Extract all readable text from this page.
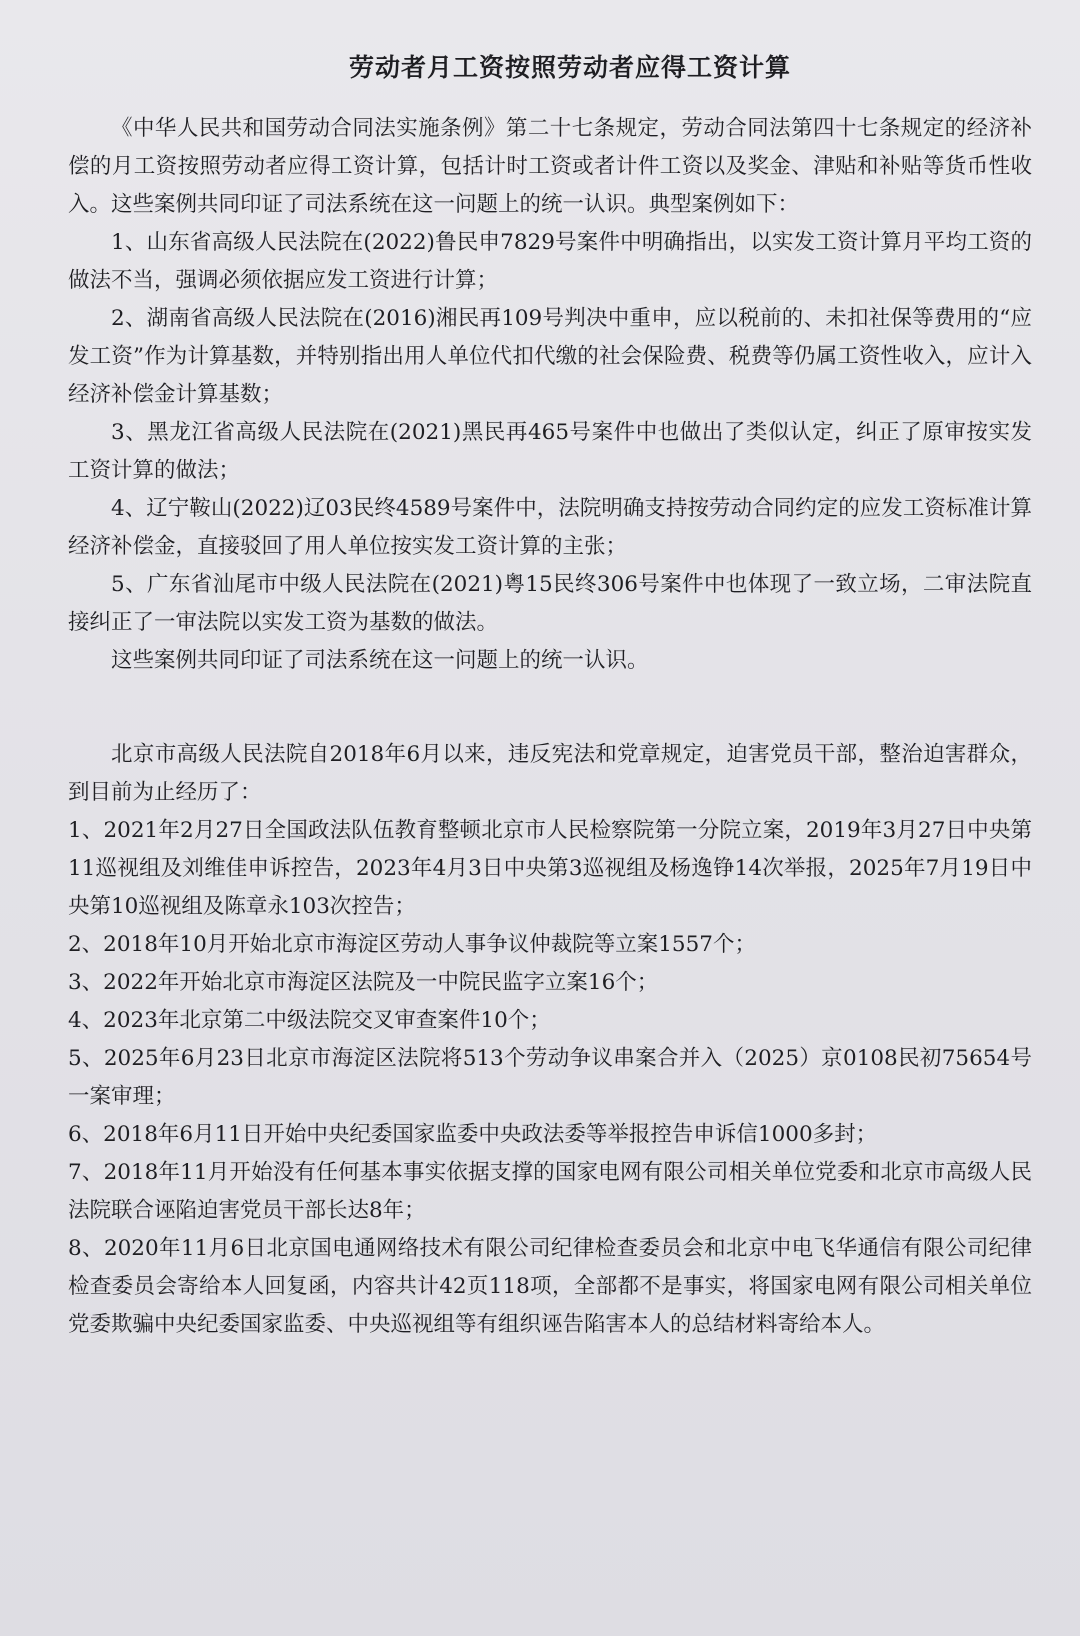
劳动者月工资按照劳动者应得工资计算

《中华人民共和国劳动合同法实施条例》第二十七条规定，劳动合同法第四十七条规定的经济补偿的月工资按照劳动者应得工资计算，包括计时工资或者计件工资以及奖金、津贴和补贴等货币性收入。这些案例共同印证了司法系统在这一问题上的统一认识。典型案例如下：

1、山东省高级人民法院在(2022)鲁民申7829号案件中明确指出，以实发工资计算月平均工资的做法不当，强调必须依据应发工资进行计算；

2、湖南省高级人民法院在(2016)湘民再109号判决中重申，应以税前的、未扣社保等费用的“应发工资”作为计算基数，并特别指出用人单位代扣代缴的社会保险费、税费等仍属工资性收入，应计入经济补偿金计算基数；

3、黑龙江省高级人民法院在(2021)黑民再465号案件中也做出了类似认定，纠正了原审按实发工资计算的做法；

4、辽宁鞍山(2022)辽03民终4589号案件中，法院明确支持按劳动合同约定的应发工资标准计算经济补偿金，直接驳回了用人单位按实发工资计算的主张；

5、广东省汕尾市中级人民法院在(2021)粤15民终306号案件中也体现了一致立场，二审法院直接纠正了一审法院以实发工资为基数的做法。

这些案例共同印证了司法系统在这一问题上的统一认识。

北京市高级人民法院自2018年6月以来，违反宪法和党章规定，迫害党员干部，整治迫害群众，到目前为止经历了：

1、2021年2月27日全国政法队伍教育整顿北京市人民检察院第一分院立案，2019年3月27日中央第11巡视组及刘维佳申诉控告，2023年4月3日中央第3巡视组及杨逸铮14次举报，2025年7月19日中央第10巡视组及陈章永103次控告；

2、2018年10月开始北京市海淀区劳动人事争议仲裁院等立案1557个；

3、2022年开始北京市海淀区法院及一中院民监字立案16个；

4、2023年北京第二中级法院交叉审查案件10个；

5、2025年6月23日北京市海淀区法院将513个劳动争议串案合并入（2025）京0108民初75654号一案审理；

6、2018年6月11日开始中央纪委国家监委中央政法委等举报控告申诉信1000多封；

7、2018年11月开始没有任何基本事实依据支撑的国家电网有限公司相关单位党委和北京市高级人民法院联合诬陷迫害党员干部长达8年；

8、2020年11月6日北京国电通网络技术有限公司纪律检查委员会和北京中电飞华通信有限公司纪律检查委员会寄给本人回复函，内容共计42页118项，全部都不是事实，将国家电网有限公司相关单位党委欺骗中央纪委国家监委、中央巡视组等有组织诬告陷害本人的总结材料寄给本人。
